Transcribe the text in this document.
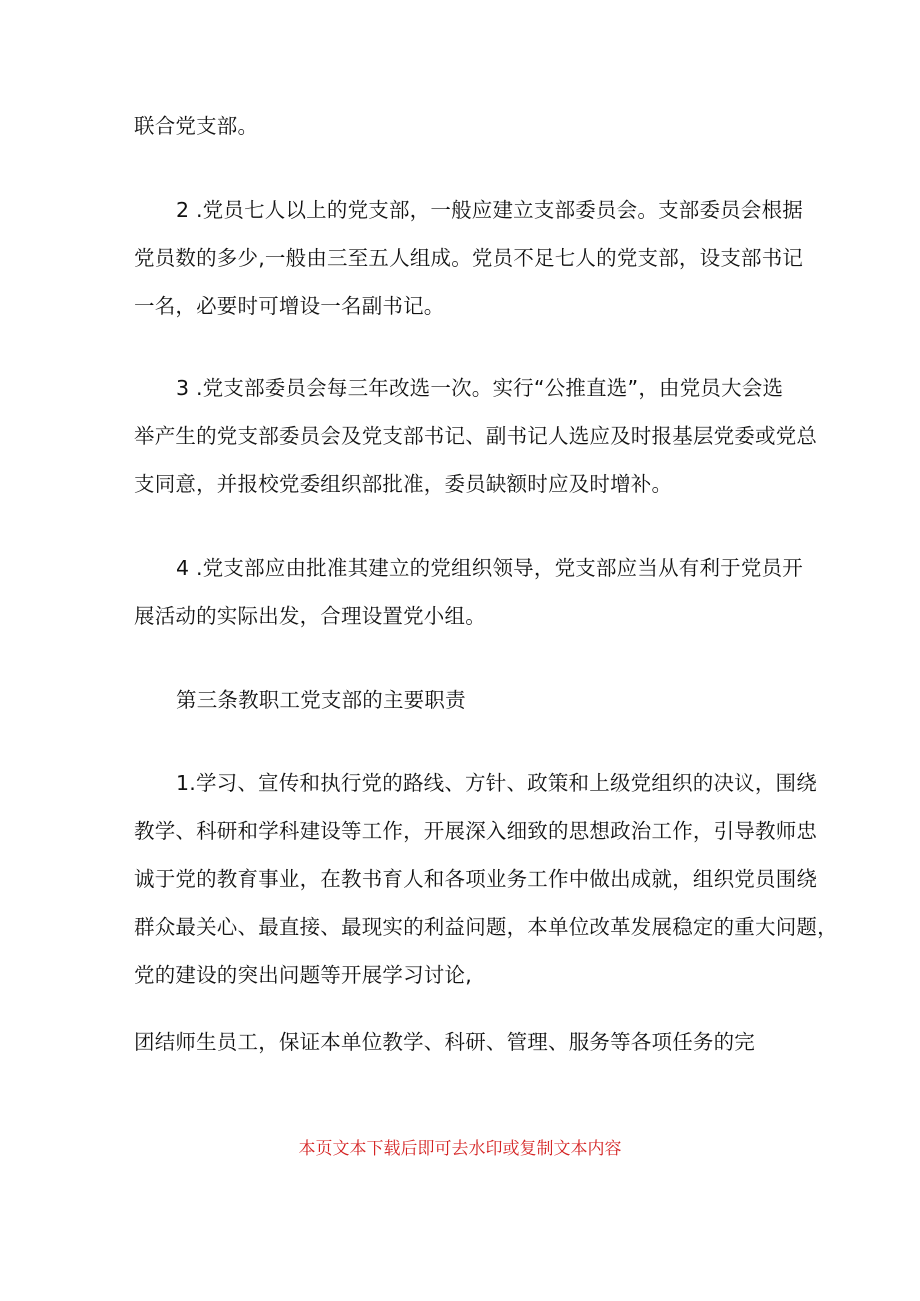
联合党支部。

2 .党员七人以上的党支部，一般应建立支部委员会。支部委员会根据

党员数的多少,一般由三至五人组成。党员不足七人的党支部，设支部书记

一名，必要时可增设一名副书记。

3 .党支部委员会每三年改选一次。实行“公推直选”，由党员大会选

举产生的党支部委员会及党支部书记、副书记人选应及时报基层党委或党总

支同意，并报校党委组织部批准，委员缺额时应及时增补。

4 .党支部应由批准其建立的党组织领导，党支部应当从有利于党员开

展活动的实际出发，合理设置党小组。

第三条教职工党支部的主要职责

1.学习、宣传和执行党的路线、方针、政策和上级党组织的决议，围绕

教学、科研和学科建设等工作，开展深入细致的思想政治工作，引导教师忠

诚于党的教育事业，在教书育人和各项业务工作中做出成就，组织党员围绕

群众最关心、最直接、最现实的利益问题，本单位改革发展稳定的重大问题，

党的建设的突出问题等开展学习讨论,

团结师生员工，保证本单位教学、科研、管理、服务等各项任务的完

本页文本下载后即可去水印或复制文本内容
